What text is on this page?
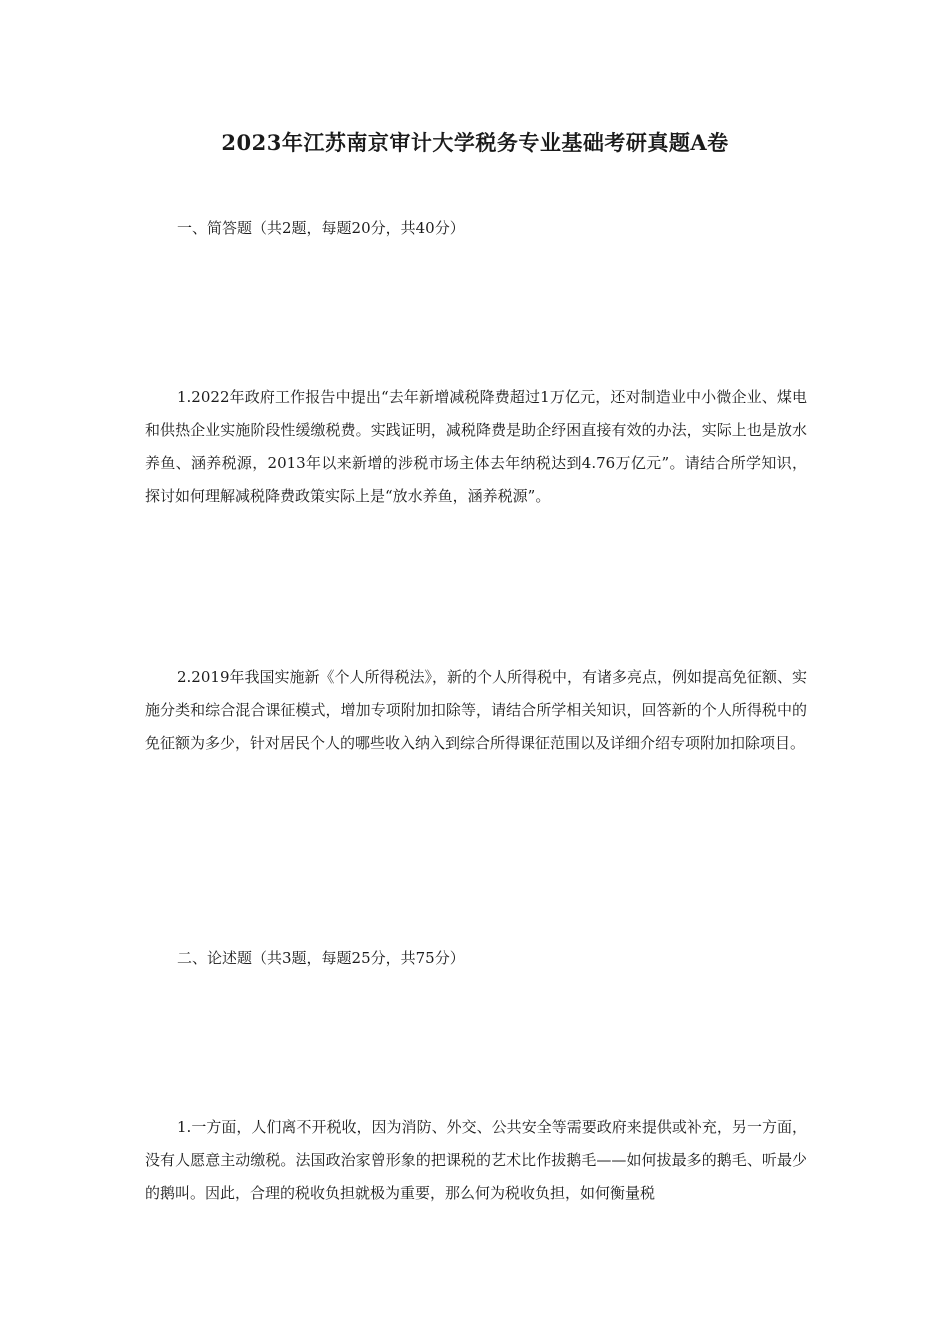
2023年江苏南京审计大学税务专业基础考研真题A卷

一、简答题（共2题，每题20分，共40分）

1.2022年政府工作报告中提出“去年新增减税降费超过1万亿元，还对制造业中小微企业、煤电和供热企业实施阶段性缓缴税费。实践证明，减税降费是助企纾困直接有效的办法，实际上也是放水养鱼、涵养税源，2013年以来新增的涉税市场主体去年纳税达到4.76万亿元”。请结合所学知识，探讨如何理解减税降费政策实际上是“放水养鱼，涵养税源”。

2.2019年我国实施新《个人所得税法》，新的个人所得税中，有诸多亮点，例如提高免征额、实施分类和综合混合课征模式，增加专项附加扣除等，请结合所学相关知识，回答新的个人所得税中的免征额为多少，针对居民个人的哪些收入纳入到综合所得课征范围以及详细介绍专项附加扣除项目。

二、论述题（共3题，每题25分，共75分）

1.一方面，人们离不开税收，因为消防、外交、公共安全等需要政府来提供或补充，另一方面，没有人愿意主动缴税。法国政治家曾形象的把课税的艺术比作拔鹅毛——如何拔最多的鹅毛、听最少的鹅叫。因此，合理的税收负担就极为重要，那么何为税收负担，如何衡量税
